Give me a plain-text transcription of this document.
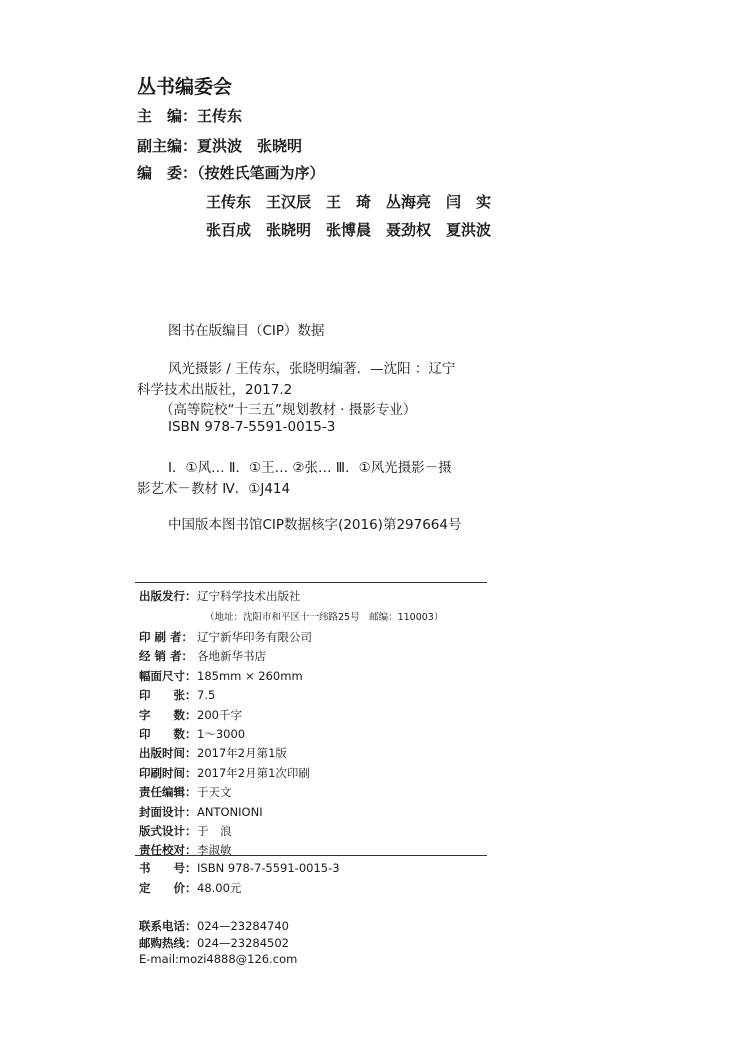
丛书编委会
主　编：王传东
副主编：夏洪波　张晓明
编　委：（按姓氏笔画为序）
王传东　王汉辰　王　琦　丛海亮　闫　实
张百成　张晓明　张博晨　聂劲权　夏洪波
图书在版编目（CIP）数据
风光摄影 / 王传东，张晓明编著．—沈阳 ：辽宁
科学技术出版社，2017.2
（高等院校“十三五”规划教材 · 摄影专业）
ISBN 978-7-5591-0015-3
Ⅰ．①风… Ⅱ．①王… ②张… Ⅲ．①风光摄影－摄
影艺术－教材 Ⅳ．①J414
中国版本图书馆CIP数据核字(2016)第297664号
出版发行：辽宁科学技术出版社
（地址：沈阳市和平区十一纬路25号　邮编：110003）
印 刷 者： 辽宁新华印务有限公司
经 销 者： 各地新华书店
幅面尺寸：185mm × 260mm
印　　张：7.5
字　　数：200千字
印　　数：1～3000
出版时间：2017年2月第1版
印刷时间：2017年2月第1次印刷
责任编辑：于天文
封面设计：ANTONIONI
版式设计：于　浪
责任校对：李淑敏
书　　号：ISBN 978-7-5591-0015-3
定　　价：48.00元
联系电话：024—23284740
邮购热线：024—23284502
E-mail:mozi4888@126.com
